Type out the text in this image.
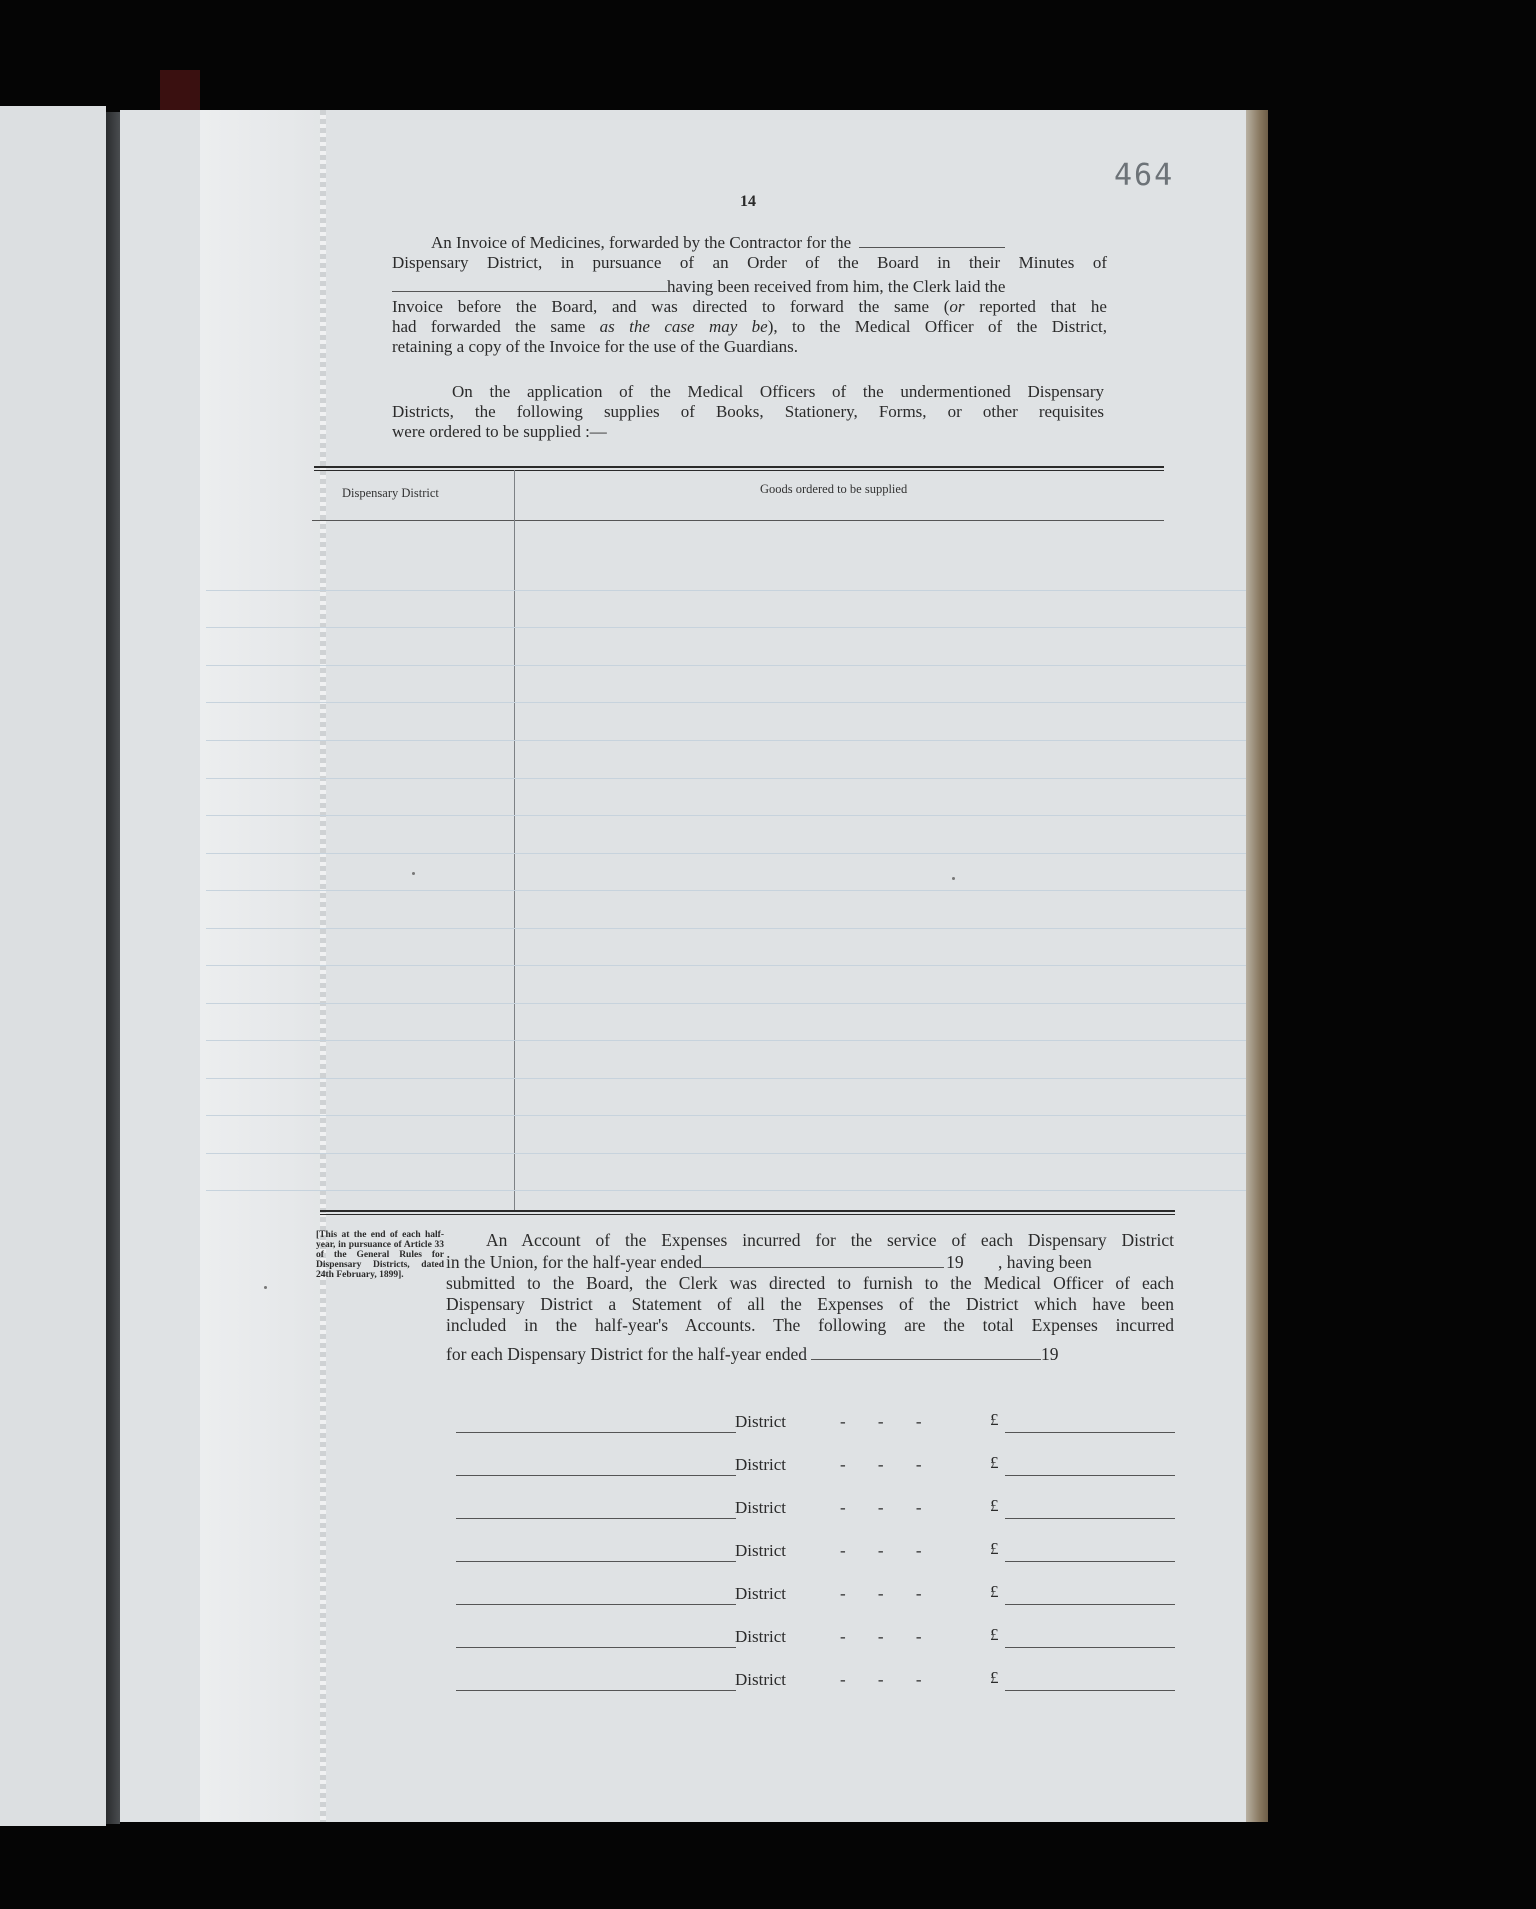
464
14
An Invoice of Medicines, forwarded by the Contractor for the
Dispensary District, in pursuance of an Order of the Board in their Minutes of
having been received from him, the Clerk laid the
Invoice before the Board, and was directed to forward the same (or reported that he
had forwarded the same as the case may be), to the Medical Officer of the District,
retaining a copy of the Invoice for the use of the Guardians.
On the application of the Medical Officers of the undermentioned Dispensary
Districts, the following supplies of Books, Stationery, Forms, or other requisites
were ordered to be supplied :—
Dispensary District	Goods ordered to be supplied
[This at the end of each half-year, in pursuance of Article 33 of the General Rules for Dispensary Districts, dated 24th February, 1899].
An Account of the Expenses incurred for the service of each Dispensary District
in the Union, for the half-year ended	19 , having been
submitted to the Board, the Clerk was directed to furnish to the Medical Officer of each
Dispensary District a Statement of all the Expenses of the District which have been
included in the half-year's Accounts. The following are the total Expenses incurred
for each Dispensary District for the half-year ended	19
District	- - -	£
District	- - -	£
District	- - -	£
District	- - -	£
District	- - -	£
District	- - -	£
District	- - -	£
